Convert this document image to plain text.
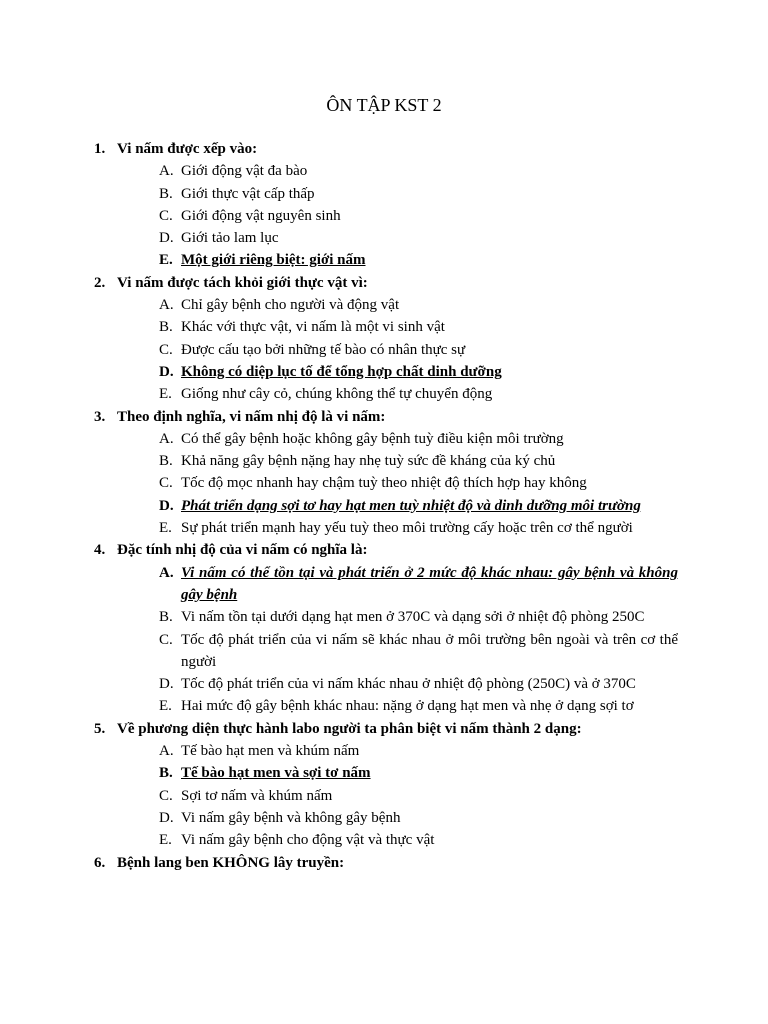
ÔN TẬP KST 2
1. Vi nấm được xếp vào:
A. Giới động vật đa bào
B. Giới thực vật cấp thấp
C. Giới động vật nguyên sinh
D. Giới tảo lam lục
E. Một giới riêng biệt: giới nấm
2. Vi nấm được tách khỏi giới thực vật vì:
A. Chỉ gây bệnh cho người và động vật
B. Khác với thực vật, vi nấm là một vi sinh vật
C. Được cấu tạo bởi những tế bào có nhân thực sự
D. Không có diệp lục tố để tổng hợp chất dinh dưỡng
E. Giống như cây cỏ, chúng không thể tự chuyển động
3. Theo định nghĩa, vi nấm nhị độ là vi nấm:
A. Có thể gây bệnh hoặc không gây bệnh tuỳ điều kiện môi trường
B. Khả năng gây bệnh nặng hay nhẹ tuỳ sức đề kháng của ký chủ
C. Tốc độ mọc nhanh hay chậm tuỳ theo nhiệt độ thích hợp hay không
D. Phát triển dạng sợi tơ hay hạt men tuỳ nhiệt độ và dinh dưỡng môi trường
E. Sự phát triển mạnh hay yếu tuỳ theo môi trường cấy hoặc trên cơ thể người
4. Đặc tính nhị độ của vi nấm có nghĩa là:
A. Vi nấm có thể tồn tại và phát triển ở 2 mức độ khác nhau: gây bệnh và không gây bệnh
B. Vi nấm tồn tại dưới dạng hạt men ở 370C và dạng sởi ở nhiệt độ phòng 250C
C. Tốc độ phát triển của vi nấm sẽ khác nhau ở môi trường bên ngoài và trên cơ thể người
D. Tốc độ phát triển của vi nấm khác nhau ở nhiệt độ phòng (250C) và ở 370C
E. Hai mức độ gây bệnh khác nhau: nặng ở dạng hạt men và nhẹ ở dạng sợi tơ
5. Về phương diện thực hành labo người ta phân biệt vi nấm thành 2 dạng:
A. Tế bào hạt men và khúm nấm
B. Tế bào hạt men và sợi tơ nấm
C. Sợi tơ nấm và khúm nấm
D. Vi nấm gây bệnh và không gây bệnh
E. Vi nấm gây bệnh cho động vật và thực vật
6. Bệnh lang ben KHÔNG lây truyền:
